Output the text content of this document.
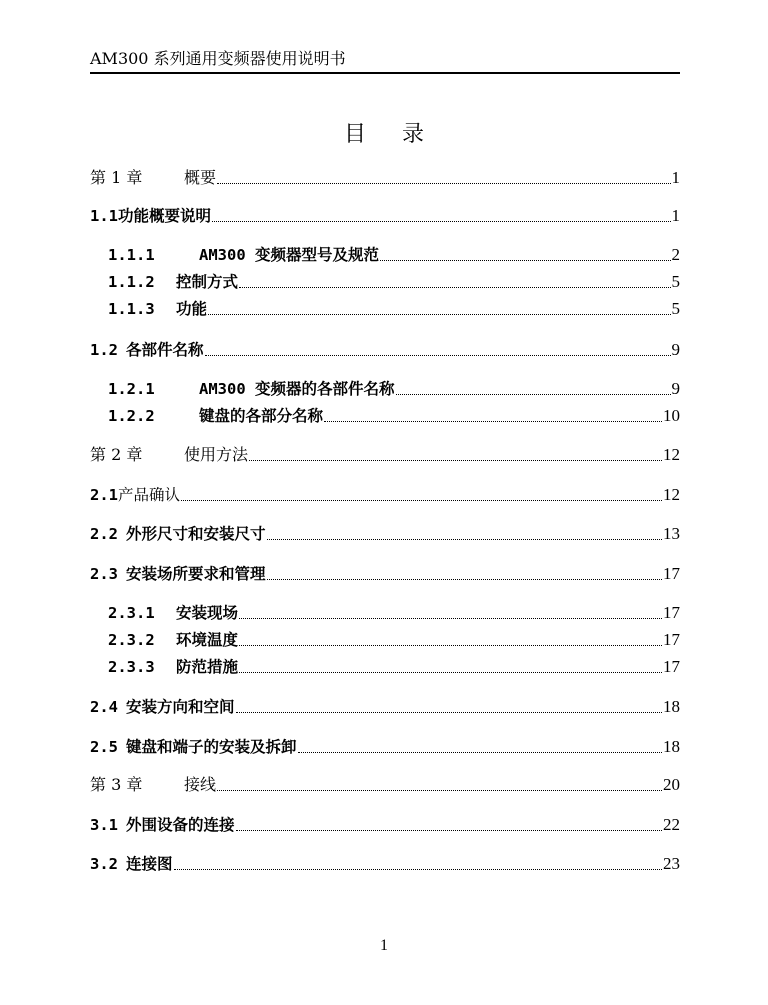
AM300 系列通用变频器使用说明书
目 录
第 1 章	概要	1
1.1 功能概要说明	1
1.1.1	AM300 变频器型号及规范	2
1.1.2	控制方式	5
1.1.3	功能	5
1.2 各部件名称	9
1.2.1	AM300 变频器的各部件名称	9
1.2.2	键盘的各部分名称	10
第 2 章	使用方法	12
2.1 产品确认	12
2.2 外形尺寸和安装尺寸	13
2.3 安装场所要求和管理	17
2.3.1	安装现场	17
2.3.2	环境温度	17
2.3.3	防范措施	17
2.4 安装方向和空间	18
2.5 键盘和端子的安装及拆卸	18
第 3 章	接线	20
3.1 外围设备的连接	22
3.2 连接图	23
1
